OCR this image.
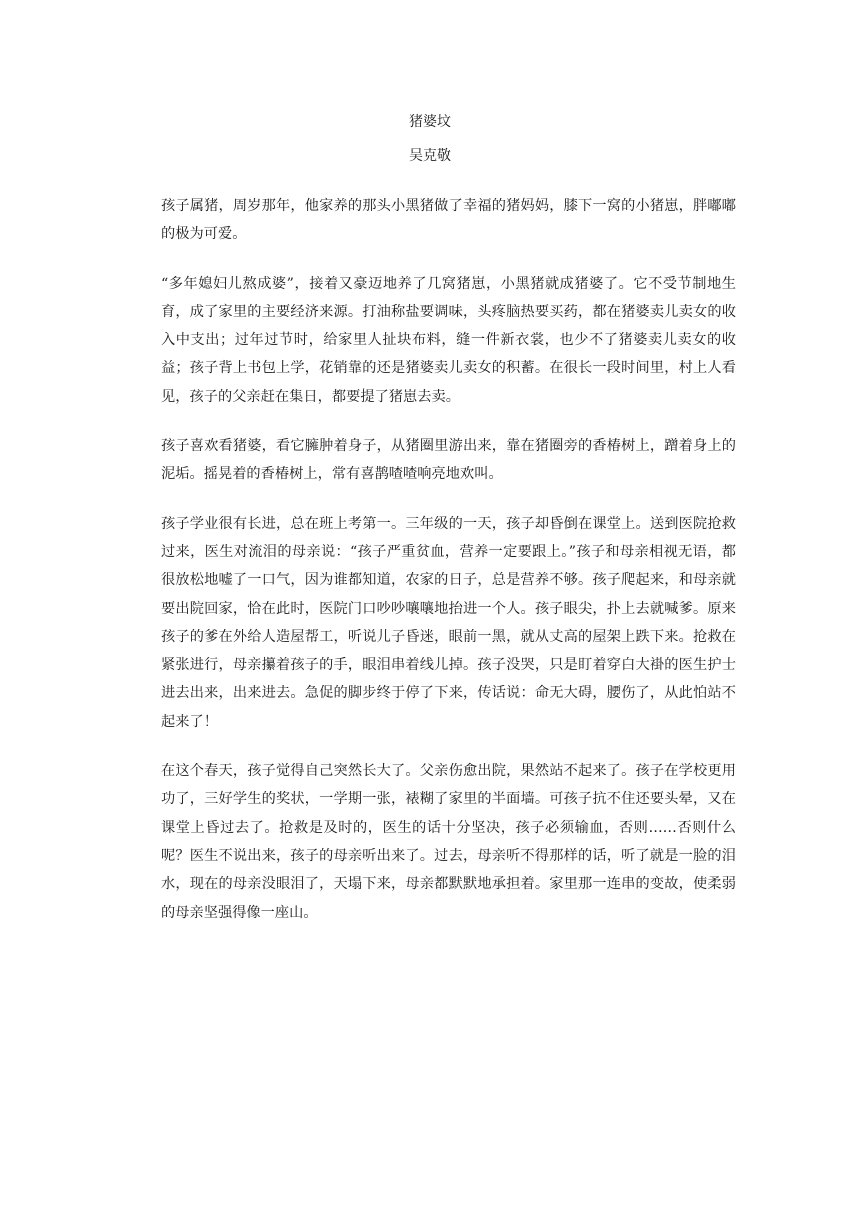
猪婆坟
吴克敬

孩子属猪，周岁那年，他家养的那头小黑猪做了幸福的猪妈妈，膝下一窝的小猪崽，胖嘟嘟的极为可爱。

“多年媳妇儿熬成婆”，接着又豪迈地养了几窝猪崽，小黑猪就成猪婆了。它不受节制地生育，成了家里的主要经济来源。打油称盐要调味，头疼脑热要买药，都在猪婆卖儿卖女的收入中支出；过年过节时，给家里人扯块布料，缝一件新衣裳，也少不了猪婆卖儿卖女的收益；孩子背上书包上学，花销靠的还是猪婆卖儿卖女的积蓄。在很长一段时间里，村上人看见，孩子的父亲赶在集日，都要提了猪崽去卖。

孩子喜欢看猪婆，看它臃肿着身子，从猪圈里游出来，靠在猪圈旁的香椿树上，蹭着身上的泥垢。摇晃着的香椿树上，常有喜鹊喳喳响亮地欢叫。

孩子学业很有长进，总在班上考第一。三年级的一天，孩子却昏倒在课堂上。送到医院抢救过来，医生对流泪的母亲说：“孩子严重贫血，营养一定要跟上。”孩子和母亲相视无语，都很放松地嘘了一口气，因为谁都知道，农家的日子，总是营养不够。孩子爬起来，和母亲就要出院回家，恰在此时，医院门口吵吵嚷嚷地抬进一个人。孩子眼尖，扑上去就喊爹。原来孩子的爹在外给人造屋帮工，听说儿子昏迷，眼前一黑，就从丈高的屋架上跌下来。抢救在紧张进行，母亲攥着孩子的手，眼泪串着线儿掉。孩子没哭，只是盯着穿白大褂的医生护士进去出来，出来进去。急促的脚步终于停了下来，传话说：命无大碍，腰伤了，从此怕站不起来了！

在这个春天，孩子觉得自己突然长大了。父亲伤愈出院，果然站不起来了。孩子在学校更用功了，三好学生的奖状，一学期一张，裱糊了家里的半面墙。可孩子抗不住还要头晕，又在课堂上昏过去了。抢救是及时的，医生的话十分坚决，孩子必须输血，否则……否则什么呢？医生不说出来，孩子的母亲听出来了。过去，母亲听不得那样的话，听了就是一脸的泪水，现在的母亲没眼泪了，天塌下来，母亲都默默地承担着。家里那一连串的变故，使柔弱的母亲坚强得像一座山。
